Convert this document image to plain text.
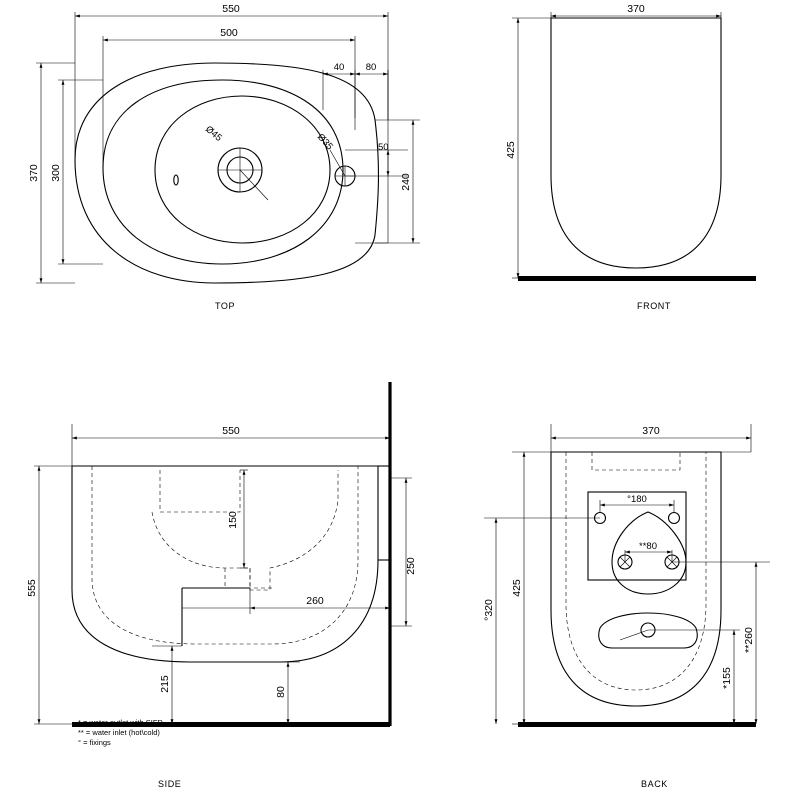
550
500
40 80
370 300
50
240
Ø45	Ø35
370
425
550
555
150
250
260
215	80
370
°180
**80
425
°320
**260
*155
TOP	FRONT
SIDE	BACK
* = water outlet with SIFR
** = water inlet (hot\cold)
° = fixings
